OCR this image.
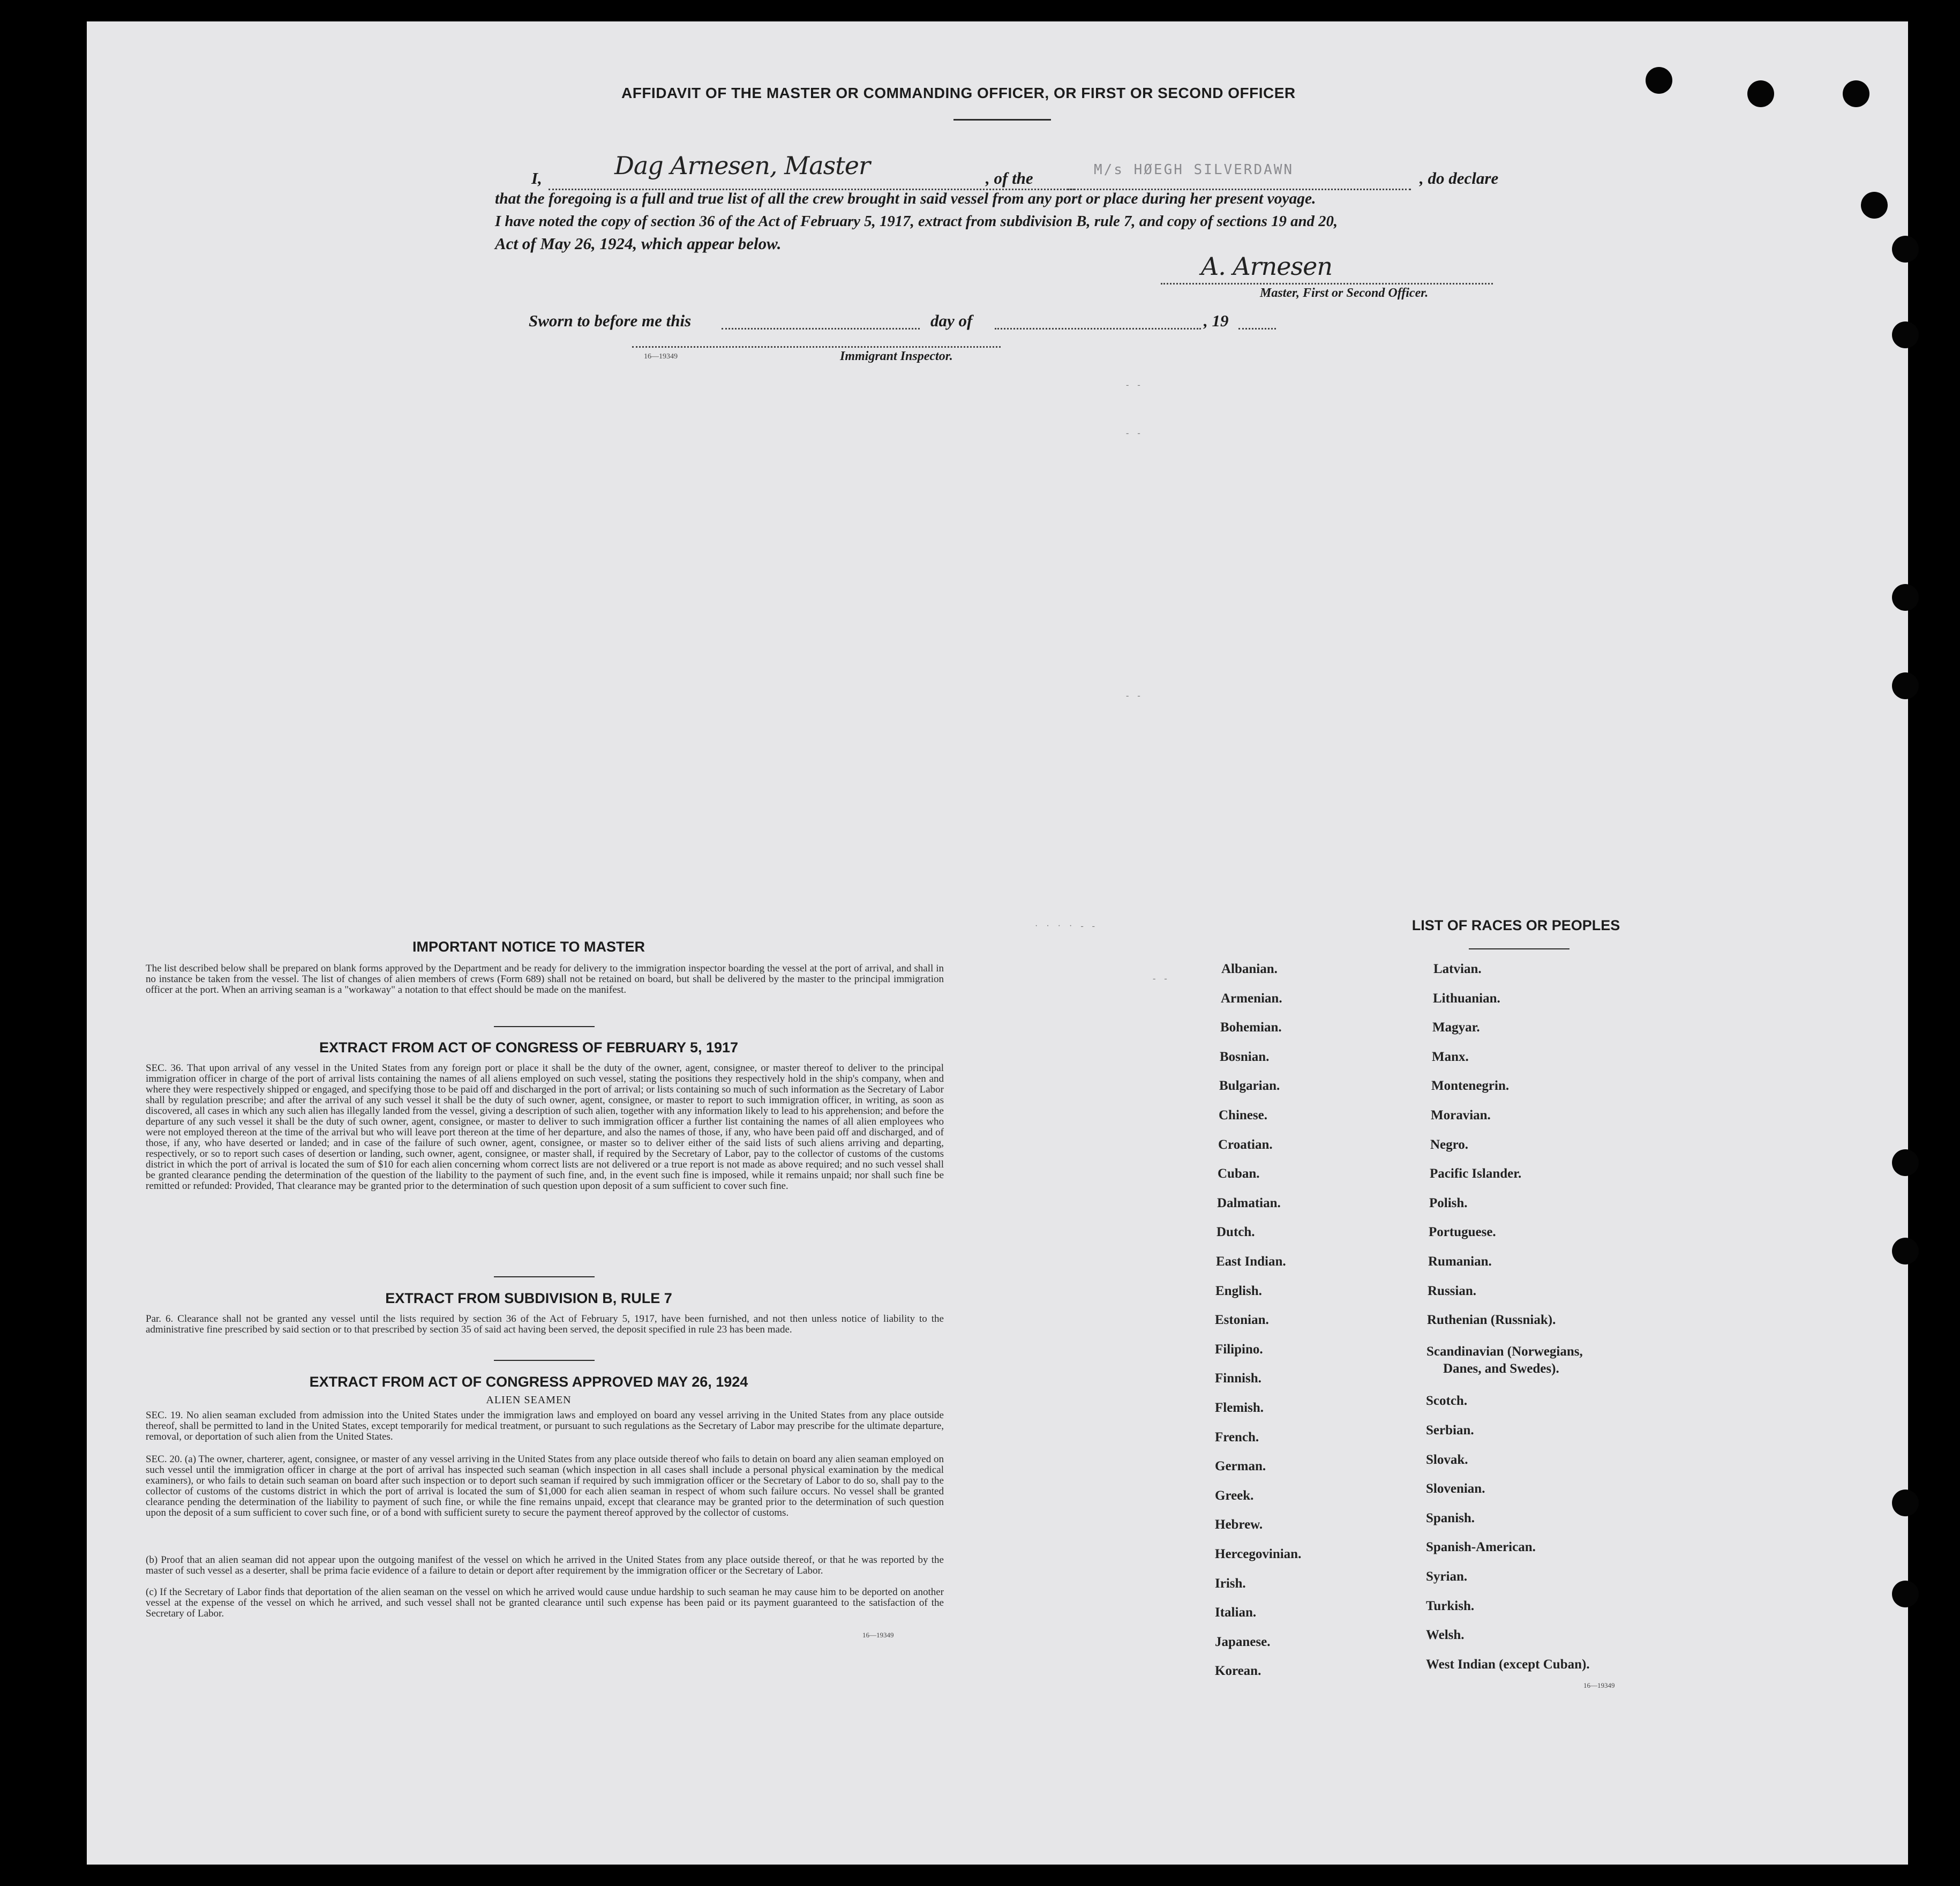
AFFIDAVIT OF THE MASTER OR COMMANDING OFFICER, OR FIRST OR SECOND OFFICER
I,	Dag Arnesen, Master	, of the	M/s HØEGH SILVERDAWN	, do declare
that the foregoing is a full and true list of all the crew brought in said vessel from any port or place during her present voyage.
I have noted the copy of section 36 of the Act of February 5, 1917, extract from subdivision B, rule 7, and copy of sections 19 and 20,
Act of May 26, 1924, which appear below.
A. Arnesen
Master, First or Second Officer.
Sworn to before me this	day of	, 19
16—19349	Immigrant Inspector.
- -
- -
- -
· · · · - -
- -
IMPORTANT NOTICE TO MASTER
The list described below shall be prepared on blank forms approved by the Department and be ready for delivery to the immigration inspector boarding the vessel at the port of arrival, and shall in no instance be taken from the vessel. The list of changes of alien members of crews (Form 689) shall not be retained on board, but shall be delivered by the master to the principal immigration officer at the port. When an arriving seaman is a "workaway" a notation to that effect should be made on the manifest.
EXTRACT FROM ACT OF CONGRESS OF FEBRUARY 5, 1917
SEC. 36. That upon arrival of any vessel in the United States from any foreign port or place it shall be the duty of the owner, agent, consignee, or master thereof to deliver to the principal immigration officer in charge of the port of arrival lists containing the names of all aliens employed on such vessel, stating the positions they respectively hold in the ship's company, when and where they were respectively shipped or engaged, and specifying those to be paid off and discharged in the port of arrival; or lists containing so much of such information as the Secretary of Labor shall by regulation prescribe; and after the arrival of any such vessel it shall be the duty of such owner, agent, consignee, or master to report to such immigration officer, in writing, as soon as discovered, all cases in which any such alien has illegally landed from the vessel, giving a description of such alien, together with any information likely to lead to his apprehension; and before the departure of any such vessel it shall be the duty of such owner, agent, consignee, or master to deliver to such immigration officer a further list containing the names of all alien employees who were not employed thereon at the time of the arrival but who will leave port thereon at the time of her departure, and also the names of those, if any, who have been paid off and discharged, and of those, if any, who have deserted or landed; and in case of the failure of such owner, agent, consignee, or master so to deliver either of the said lists of such aliens arriving and departing, respectively, or so to report such cases of desertion or landing, such owner, agent, consignee, or master shall, if required by the Secretary of Labor, pay to the collector of customs of the customs district in which the port of arrival is located the sum of $10 for each alien concerning whom correct lists are not delivered or a true report is not made as above required; and no such vessel shall be granted clearance pending the determination of the question of the liability to the payment of such fine, and, in the event such fine is imposed, while it remains unpaid; nor shall such fine be remitted or refunded: Provided, That clearance may be granted prior to the determination of such question upon deposit of a sum sufficient to cover such fine.
EXTRACT FROM SUBDIVISION B, RULE 7
Par. 6. Clearance shall not be granted any vessel until the lists required by section 36 of the Act of February 5, 1917, have been furnished, and not then unless notice of liability to the administrative fine prescribed by said section or to that prescribed by section 35 of said act having been served, the deposit specified in rule 23 has been made.
EXTRACT FROM ACT OF CONGRESS APPROVED MAY 26, 1924
ALIEN SEAMEN
SEC. 19. No alien seaman excluded from admission into the United States under the immigration laws and employed on board any vessel arriving in the United States from any place outside thereof, shall be permitted to land in the United States, except temporarily for medical treatment, or pursuant to such regulations as the Secretary of Labor may prescribe for the ultimate departure, removal, or deportation of such alien from the United States.
SEC. 20. (a) The owner, charterer, agent, consignee, or master of any vessel arriving in the United States from any place outside thereof who fails to detain on board any alien seaman employed on such vessel until the immigration officer in charge at the port of arrival has inspected such seaman (which inspection in all cases shall include a personal physical examination by the medical examiners), or who fails to detain such seaman on board after such inspection or to deport such seaman if required by such immigration officer or the Secretary of Labor to do so, shall pay to the collector of customs of the customs district in which the port of arrival is located the sum of $1,000 for each alien seaman in respect of whom such failure occurs. No vessel shall be granted clearance pending the determination of the liability to payment of such fine, or while the fine remains unpaid, except that clearance may be granted prior to the determination of such question upon the deposit of a sum sufficient to cover such fine, or of a bond with sufficient surety to secure the payment thereof approved by the collector of customs.
(b) Proof that an alien seaman did not appear upon the outgoing manifest of the vessel on which he arrived in the United States from any place outside thereof, or that he was reported by the master of such vessel as a deserter, shall be prima facie evidence of a failure to detain or deport after requirement by the immigration officer or the Secretary of Labor.
(c) If the Secretary of Labor finds that deportation of the alien seaman on the vessel on which he arrived would cause undue hardship to such seaman he may cause him to be deported on another vessel at the expense of the vessel on which he arrived, and such vessel shall not be granted clearance until such expense has been paid or its payment guaranteed to the satisfaction of the Secretary of Labor.
16—19349
LIST OF RACES OR PEOPLES
16—19349
Albanian.
Armenian.
Bohemian.
Bosnian.
Bulgarian.
Chinese.
Croatian.
Cuban.
Dalmatian.
Dutch.
East Indian.
English.
Estonian.
Filipino.
Finnish.
Flemish.
French.
German.
Greek.
Hebrew.
Hercegovinian.
Irish.
Italian.
Japanese.
Korean.
Latvian.
Lithuanian.
Magyar.
Manx.
Montenegrin.
Moravian.
Negro.
Pacific Islander.
Polish.
Portuguese.
Rumanian.
Russian.
Ruthenian (Russniak).
Scandinavian (Norwegians,
Danes, and Swedes).
Scotch.
Serbian.
Slovak.
Slovenian.
Spanish.
Spanish-American.
Syrian.
Turkish.
Welsh.
West Indian (except Cuban).
